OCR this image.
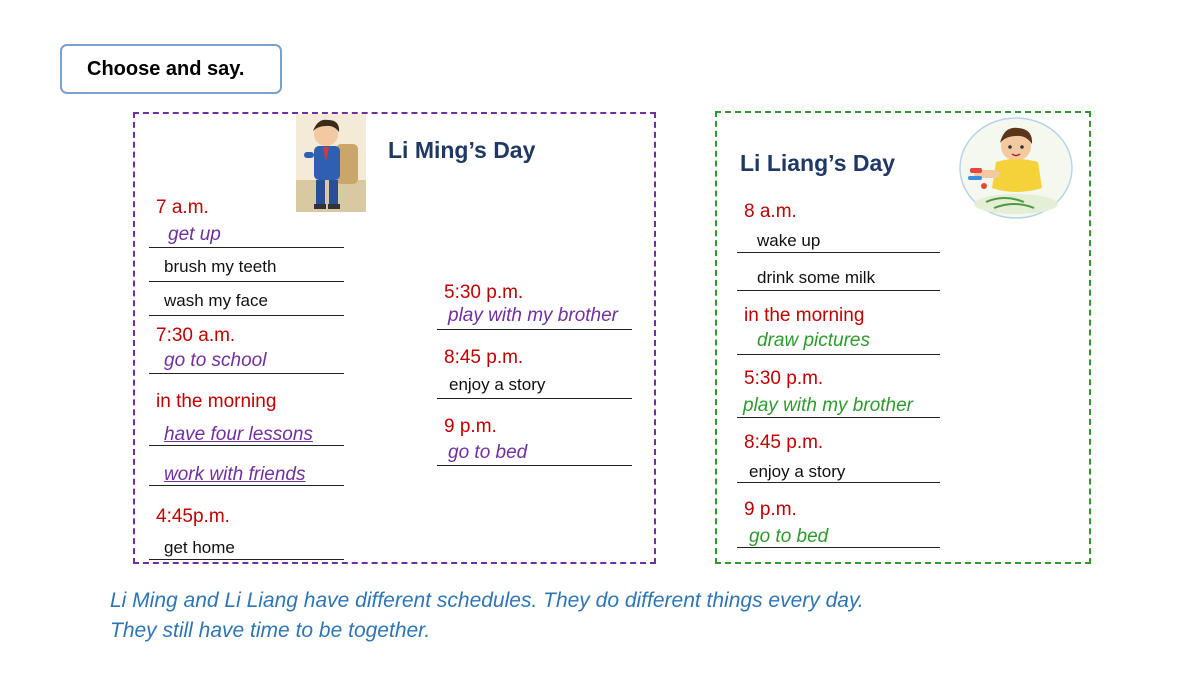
Choose and say.
Li Ming’s Day
7 a.m.
get up
brush my teeth
wash my face
7:30 a.m.
go to school
in the morning
have four lessons
work with friends
4:45p.m.
get home
5:30 p.m.
play with my brother
8:45 p.m.
enjoy a story
9 p.m.
go to bed
Li Liang’s Day
8 a.m.
wake up
drink some milk
in the morning
draw pictures
5:30 p.m.
play with my brother
8:45 p.m.
enjoy a story
9 p.m.
go to bed
Li Ming and Li Liang have different schedules. They do different things every day.
They still have time to be together.
